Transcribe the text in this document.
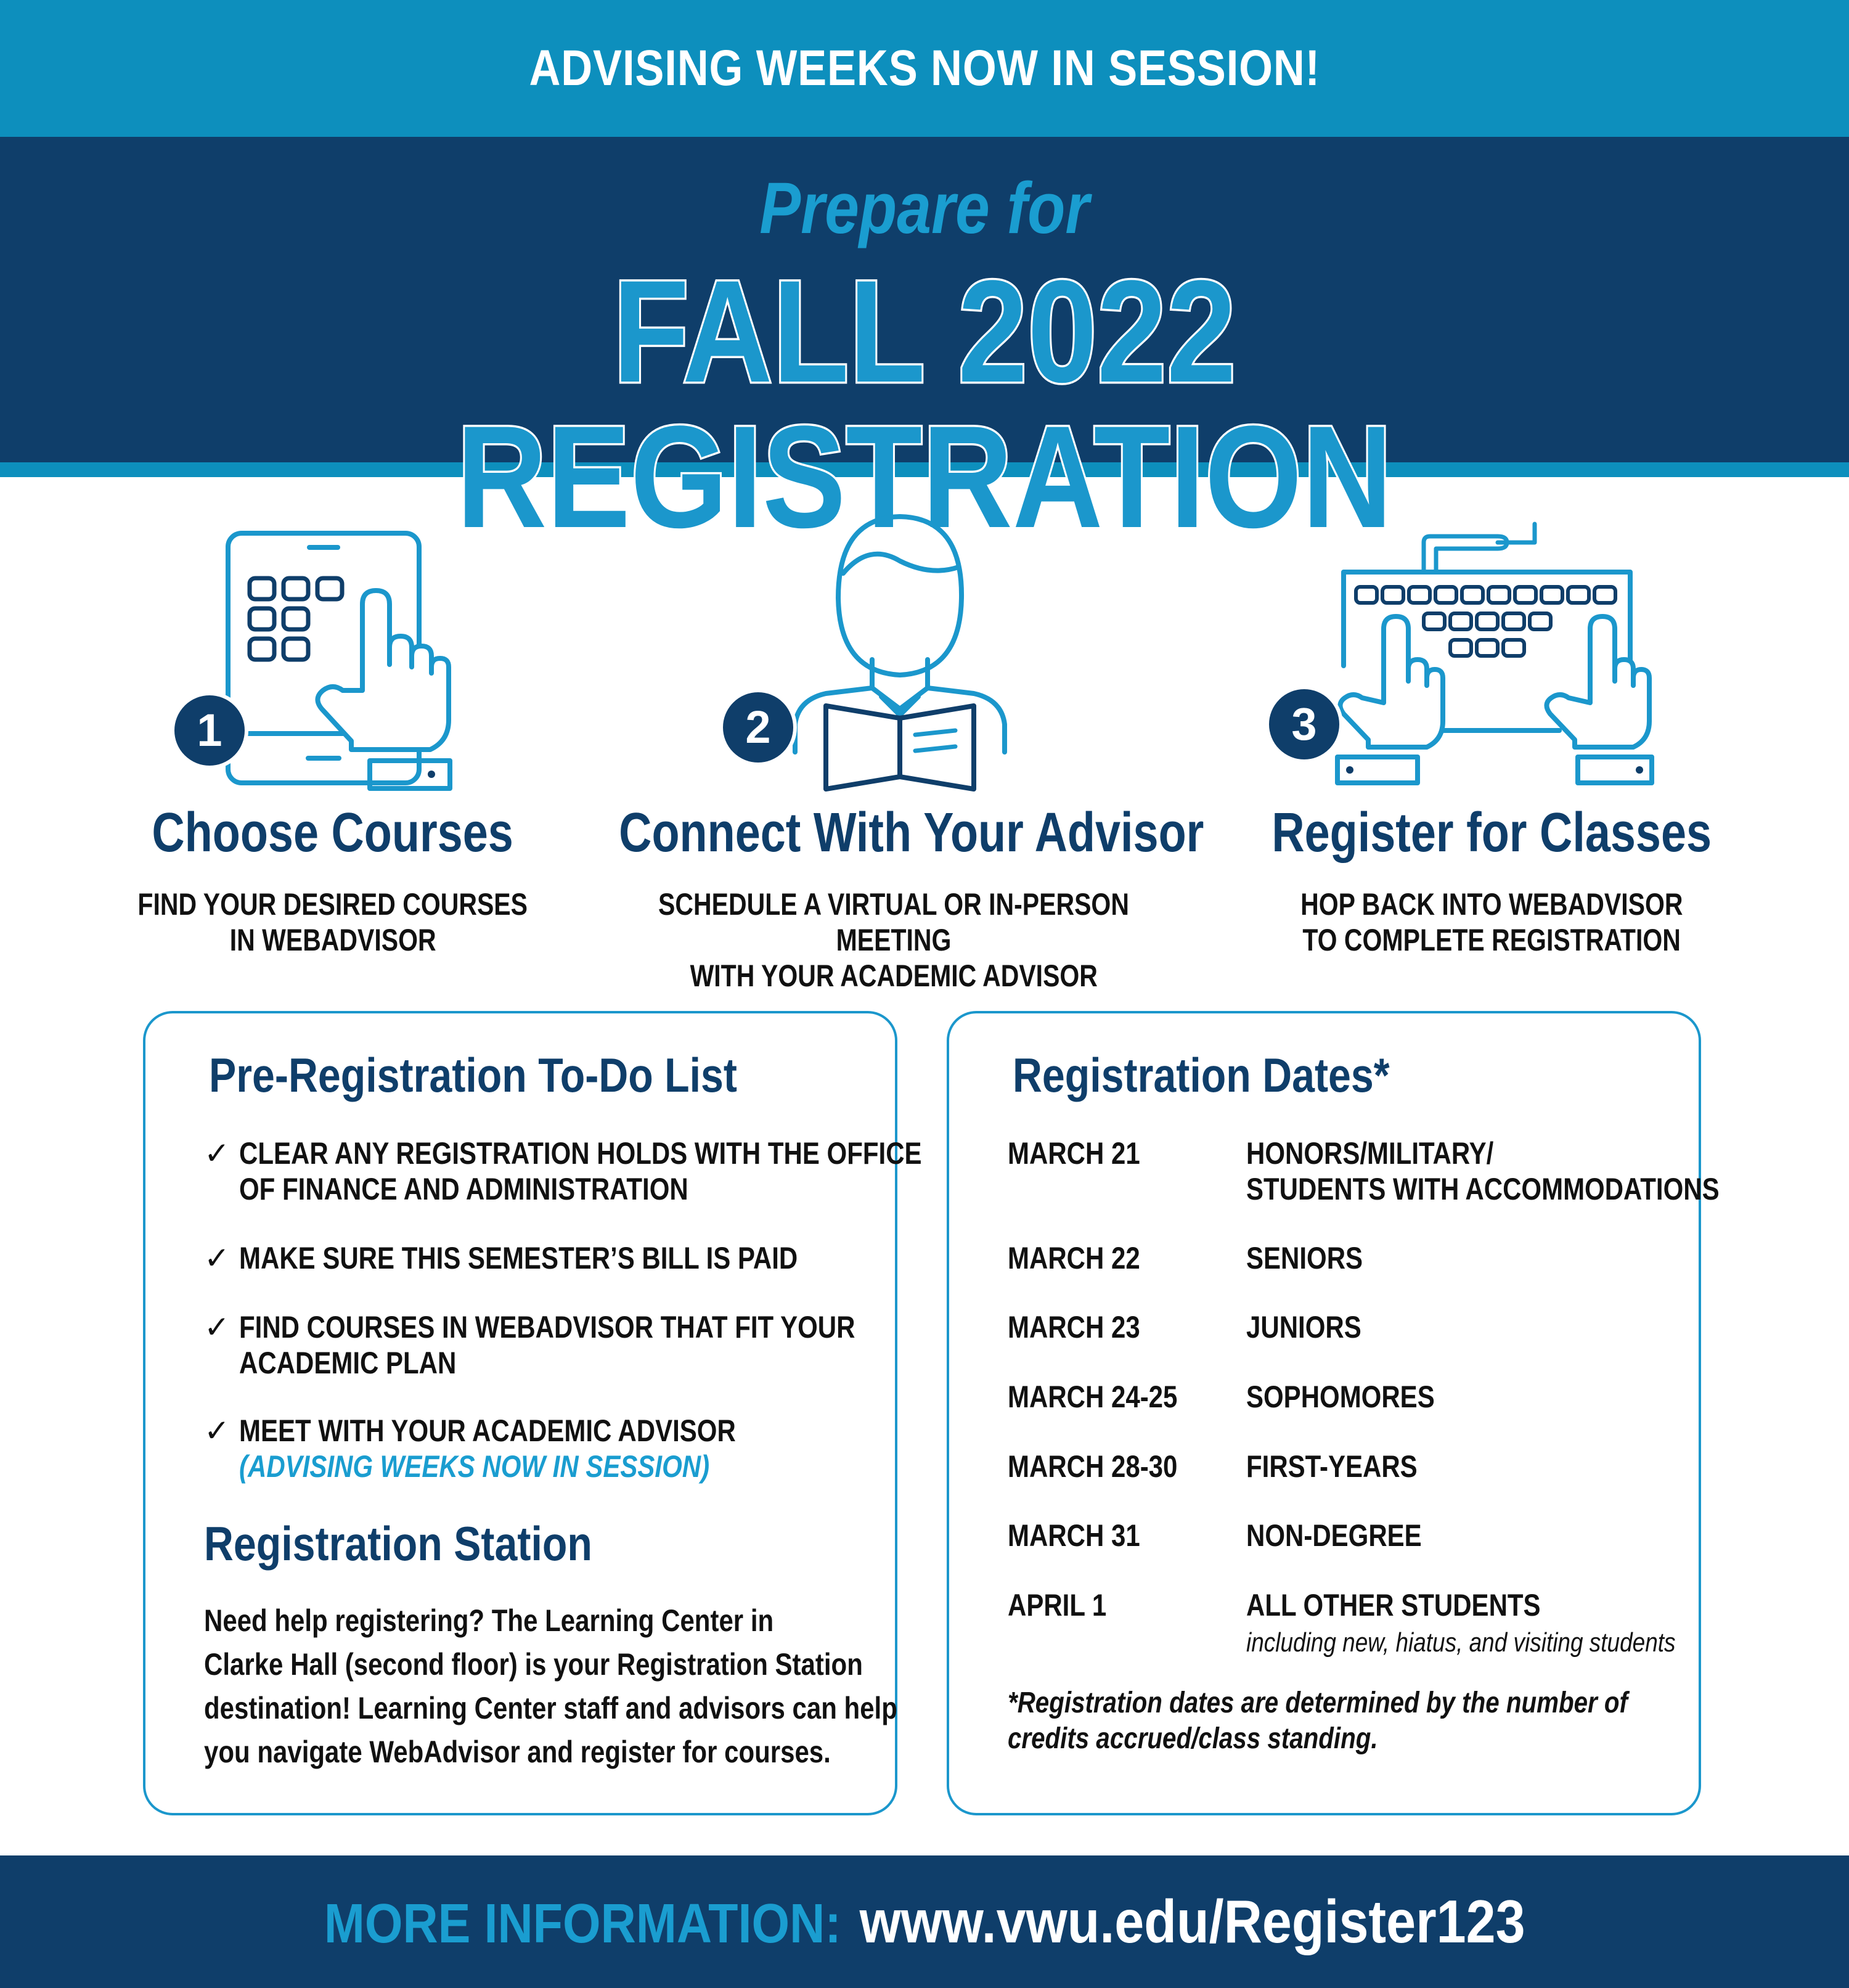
ADVISING WEEKS NOW IN SESSION!
Prepare for
FALL 2022 REGISTRATION
1	2	3
Choose Courses
FIND YOUR DESIRED COURSES
IN WEBADVISOR
Connect With Your Advisor
SCHEDULE A VIRTUAL OR IN-PERSON MEETING
WITH YOUR ACADEMIC ADVISOR
Register for Classes
HOP BACK INTO WEBADVISOR
TO COMPLETE REGISTRATION
Pre-Registration To-Do List
✓ CLEAR ANY REGISTRATION HOLDS WITH THE OFFICE
OF FINANCE AND ADMINISTRATION
✓ MAKE SURE THIS SEMESTER’S BILL IS PAID
✓ FIND COURSES IN WEBADVISOR THAT FIT YOUR
ACADEMIC PLAN
✓ MEET WITH YOUR ACADEMIC ADVISOR
(ADVISING WEEKS NOW IN SESSION)
Registration Station
Need help registering? The Learning Center in
Clarke Hall (second floor) is your Registration Station
destination! Learning Center staff and advisors can help
you navigate WebAdvisor and register for courses.
Registration Dates*
MARCH 21	HONORS/MILITARY/
STUDENTS WITH ACCOMMODATIONS
MARCH 22	SENIORS
MARCH 23	JUNIORS
MARCH 24-25 SOPHOMORES
MARCH 28-30 FIRST-YEARS
MARCH 31	NON-DEGREE
APRIL 1	ALL OTHER STUDENTS
including new, hiatus, and visiting students
*Registration dates are determined by the number of
credits accrued/class standing.
MORE INFORMATION: www.vwu.edu/Register123
